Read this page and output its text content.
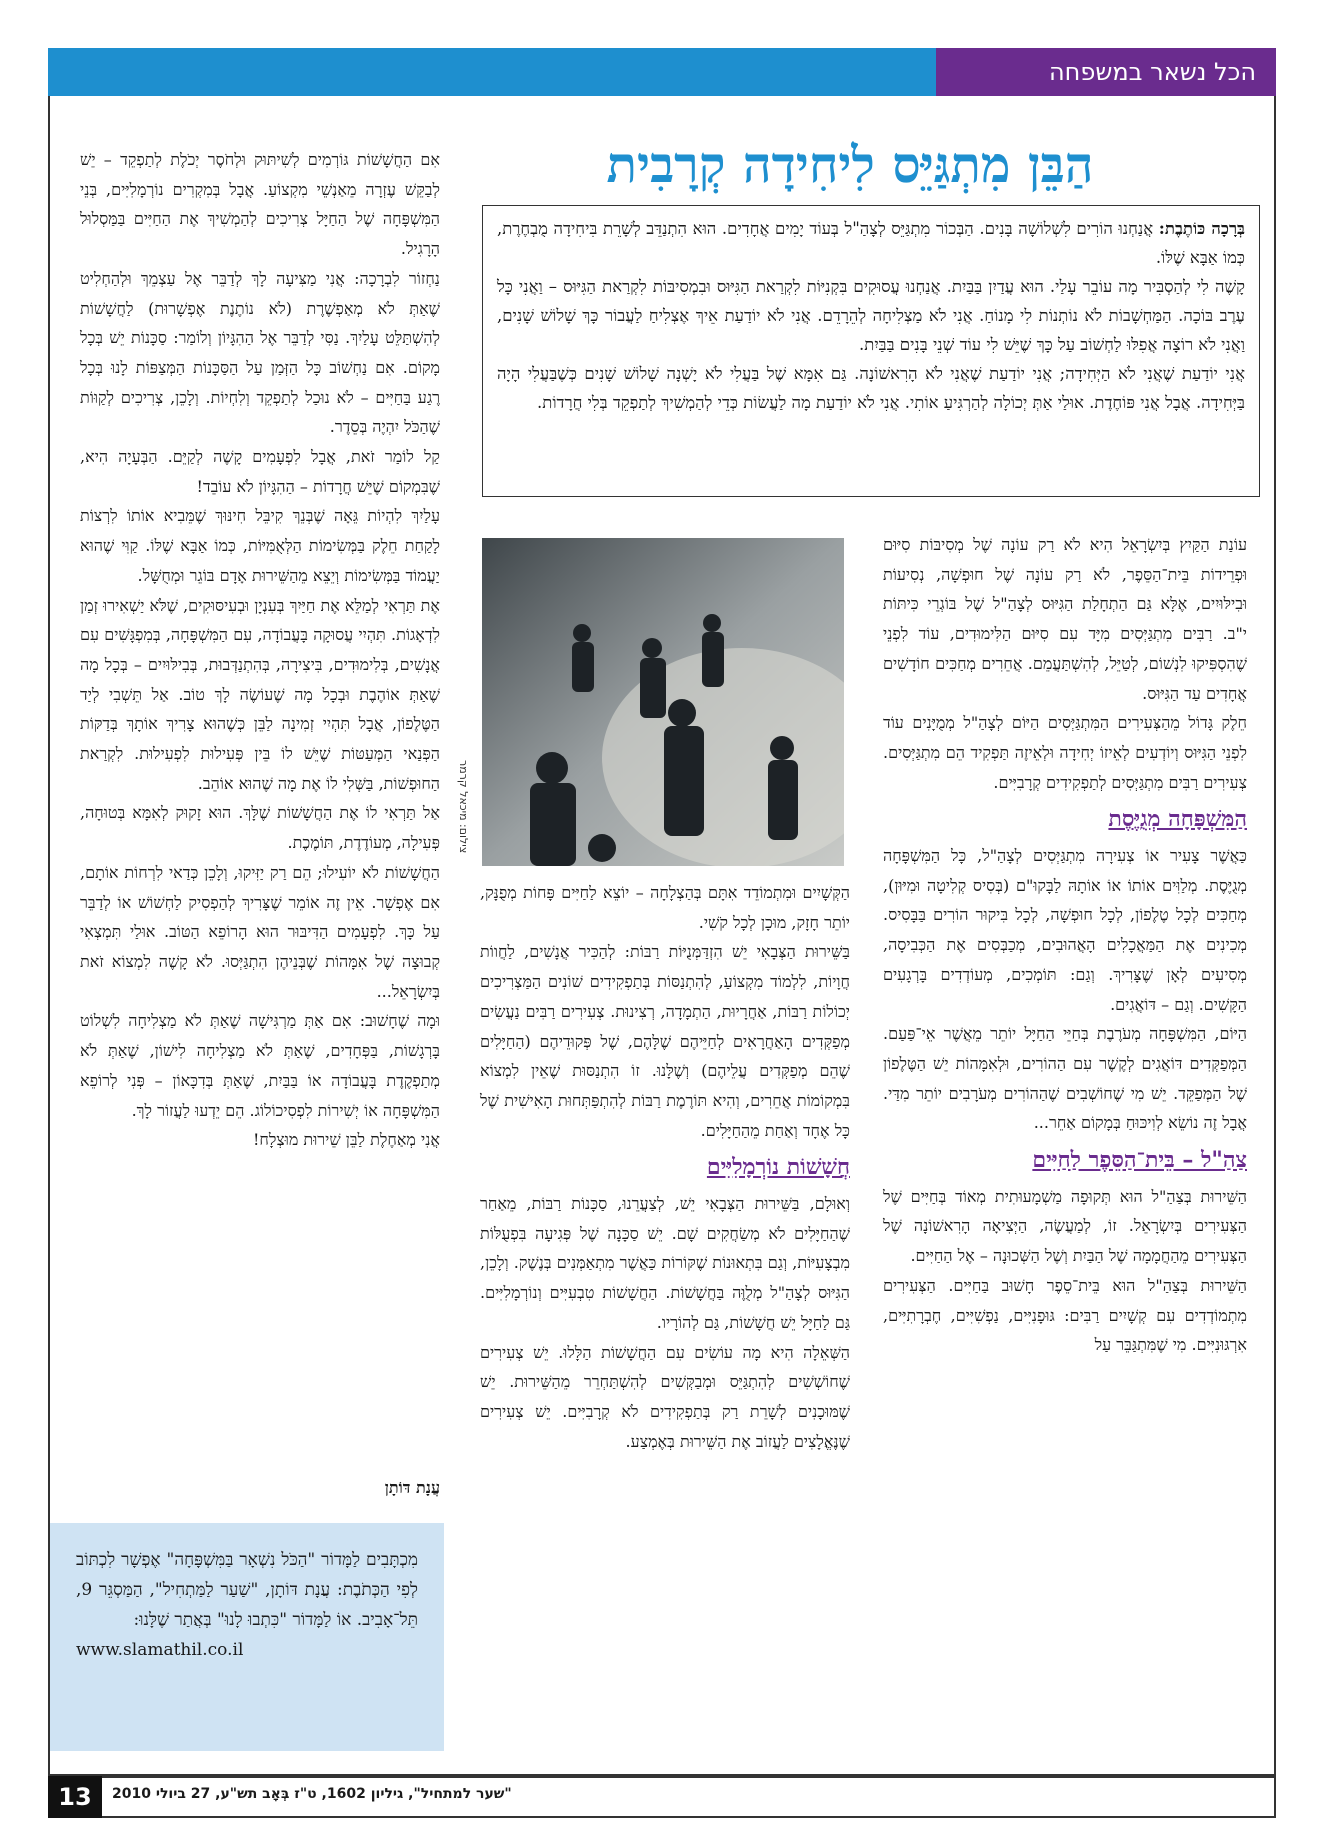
הכל נשאר במשפחה
הַבֵּן מִתְגַּיֵּס לִיחִידָה קְרָבִית

בְּרָכָה כּוֹתֶבֶת: אֲנַחְנוּ הוֹרִים לִשְׁלוֹשָׁה בָּנִים. הַבְּכוֹר מִתְגַּיֵּס לְצָהַ"ל בְּעוֹד יָמִים אֲחָדִים. הוּא הִתְנַדֵּב לְשָׁרֵת בִּיחִידָה מֻבְחֶרֶת, כְּמוֹ אַבָּא שֶׁלּוֹ.

קָשֶׁה לִי לְהַסְבִּיר מָה עוֹבֵר עָלַי. הוּא עֲדַיִן בַּבַּיִת. אֲנַחְנוּ עֲסוּקִים בִּקְנִיּוֹת לִקְרַאת הַגִּיּוּס וּבִמְסִיבּוֹת לִקְרַאת הַגִּיּוּס – וַאֲנִי כָּל עֶרֶב בּוֹכָה. הַמַּחְשָׁבוֹת לֹא נוֹתְנוֹת לִי מָנוֹחַ. אֲנִי לֹא מַצְלִיחָה לְהֵרָדֵם. אֲנִי לֹא יוֹדַעַת אֵיךְ אֶצְלִיחַ לַעֲבוֹר כָּךְ שָׁלוֹשׁ שָׁנִים, וַאֲנִי לֹא רוֹצָה אֲפִלּוּ לַחְשׁוֹב עַל כָּךְ שֶׁיֵּשׁ לִי עוֹד שְׁנֵי בָּנִים בַּבַּיִת.

אֲנִי יוֹדַעַת שֶׁאֲנִי לֹא הַיְּחִידָה; אֲנִי יוֹדַעַת שֶׁאֲנִי לֹא הָרִאשׁוֹנָה. גַּם אִמָּא שֶׁל בַּעֲלִי לֹא יָשְׁנָה שָׁלוֹשׁ שָׁנִים כְּשֶׁבַּעֲלִי הָיָה בַּיְּחִידָה. אֲבָל אֲנִי פּוֹחֶדֶת. אוּלַי אַתְּ יְכוֹלָה לְהַרְגִּיעַ אוֹתִי. אֲנִי לֹא יוֹדַעַת מָה לַעֲשׂוֹת כְּדֵי לְהַמְשִׁיךְ לְתַפְקֵד בְּלִי חֲרָדוֹת.

עוֹנַת הַקַּיִץ בְּיִשְׂרָאֵל הִיא לֹא רַק עוֹנָה שֶׁל מְסִיבּוֹת סִיּוּם וּפְרֵידוֹת בֵּית־הַסֵּפֶר, לֹא רַק עוֹנָה שֶׁל חוּפְשָׁה, נְסִיעוֹת וּבִילּוּיִים, אֶלָּא גַּם הַתְחָלַת הַגִּיּוּס לְצָהַ"ל שֶׁל בּוֹגְרֵי כִּיתּוֹת י"ב. רַבִּים מִתְגַּיְּסִים מִיָּד עִם סִיּוּם הַלִּימוּדִים, עוֹד לִפְנֵי שֶׁהִסְפִּיקוּ לִנְשׁוֹם, לְטַיֵּל, לְהִשְׁתַּעֲמֵם. אֲחֵרִים מְחַכִּים חוֹדָשִׁים אֲחָדִים עַד הַגִּיּוּס.

חֵלֶק גָּדוֹל מֵהַצְּעִירִים הַמִּתְגַּיְּסִים הַיּוֹם לְצָהַ"ל מְמֻיָּנִים עוֹד לִפְנֵי הַגִּיּוּס וְיוֹדְעִים לְאֵיזוֹ יְחִידָה וּלְאֵיזֶה תַּפְקִיד הֵם מִתְגַּיְּסִים. צְעִירִים רַבִּים מִתְגַּיְּסִים לְתַפְקִידִים קְרָבִיִּים.

הַמִּשְׁפָּחָה מְגֻיֶּסֶת

כַּאֲשֶׁר צָעִיר אוֹ צְעִירָה מִתְגַּיְּסִים לְצָהַ"ל, כָּל הַמִּשְׁפָּחָה מְגֻיֶּסֶת. מְלַוִּים אוֹתוֹ אוֹ אוֹתָהּ לַבָּקוּ"ם (בְּסִיס קְלִיטָה וּמִיּוּן), מְחַכִּים לְכָל טֶלֶפוֹן, לְכָל חוּפְשָׁה, לְכָל בִּיקוּר הוֹרִים בַּבָּסִיס. מְכִינִים אֶת הַמַּאֲכָלִים הָאֲהוּבִים, מְכַבְּסִים אֶת הַכְּבִיסָה, מְסִיעִים לְאָן שֶׁצָּרִיךְ. וְגַם: תּוֹמְכִים, מְעוֹדְדִים בָּרְגָעִים הַקָּשִׁים. וְגַם – דּוֹאֲגִים.

הַיּוֹם, הַמִּשְׁפָּחָה מְעֹרֶבֶת בְּחַיֵּי הַחַיָּל יוֹתֵר מֵאֲשֶׁר אֵי־פַּעַם. הַמְּפַקְּדִים דּוֹאֲגִים לְקֶשֶׁר עִם הַהוֹרִים, וּלְאִמָּהוֹת יֵשׁ הַטֶּלֶפוֹן שֶׁל הַמְּפַקֵּד. יֵשׁ מִי שֶׁחוֹשְׁבִים שֶׁהַהוֹרִים מְעֹרָבִים יוֹתֵר מִדַּי. אֲבָל זֶה נוֹשֵׂא לְוִיכּוּחַ בְּמָקוֹם אַחֵר...

צַהַ"ל – בֵּית־הַסֵּפֶר לַחַיִּים

הַשֵּׁירוּת בְּצַהַ"ל הוּא תְּקוּפָה מַשְׁמָעוּתִית מְאוֹד בְּחַיִּים שֶׁל הַצְּעִירִים בְּיִשְׂרָאֵל. זוֹ, לְמַעֲשֶׂה, הַיְּצִיאָה הָרִאשׁוֹנָה שֶׁל הַצְּעִירִים מֵהַחֲמָמָה שֶׁל הַבַּיִת וְשֶׁל הַשְּׁכוּנָה – אֶל הַחַיִּים.

הַשֵּׁירוּת בְּצַהַ"ל הוּא בֵּית־סֵפֶר חָשׁוּב בַּחַיִּים. הַצְּעִירִים מִתְמוֹדְדִים עִם קְשָׁיִים רַבִּים: גּוּפָנִיִּים, נַפְשִׁיִּים, חֶבְרָתִיִּים, אִרְגּוּנִיִּים. מִי שֶׁמִּתְגַּבֵּר עַל

צילום: מיכאל קרמר

הַקְּשָׁיִים וּמִתְמוֹדֵד אִתָּם בְּהַצְלָחָה – יוֹצֵא לַחַיִּים פָּחוֹת מְפֻנָּק, יוֹתֵר חָזָק, מוּכָן לְכָל קֹשִׁי.

בַּשֵּׁירוּת הַצְּבָאִי יֵשׁ הִזְדַּמְּנֻיּוֹת רַבּוֹת: לְהַכִּיר אֲנָשִׁים, לַחֲווֹת חֲוָיוֹת, לִלְמוֹד מִקְצוֹעַ, לְהִתְנַסּוֹת בְּתַפְקִידִים שׁוֹנִים הַמַּצְרִיכִים יְכוֹלוֹת רַבּוֹת, אַחֲרָיוּת, הַתְמָדָה, רְצִינוּת. צְעִירִים רַבִּים נַעֲשִׂים מְפַקְּדִים הָאַחֲרָאִים לְחַיֵּיהֶם שֶׁלָּהֶם, שֶׁל פְּקוּדֵיהֶם (הַחַיָּלִים שֶׁהֵם מְפַקְּדִים עֲלֵיהֶם) וְשֶׁלָּנוּ. זוֹ הִתְנַסּוּת שֶׁאֵין לִמְצוֹא בִּמְקוֹמוֹת אֲחֵרִים, וְהִיא תּוֹרֶמֶת רַבּוֹת לְהִתְפַּתְּחוּת הָאִישִׁית שֶׁל כָּל אֶחָד וְאַחַת מֵהַחַיָּלִים.

חֲשָׁשׁוֹת נוֹרְמָלִיִּים

וְאוּלָם, בַּשֵּׁירוּת הַצְּבָאִי יֵשׁ, לְצַעֲרֵנוּ, סַכָּנוֹת רַבּוֹת, מֵאַחַר שֶׁהַחַיָּלִים לֹא מְשַׂחֲקִים שָׁם. יֵשׁ סַכָּנָה שֶׁל פְּגִיעָה בִּפְעֻלּוֹת מִבְצָעִיּוֹת, וְגַם בִּתְאוּנוֹת שֶׁקּוֹרוֹת כַּאֲשֶׁר מִתְאַמְּנִים בְּנֶשֶׁק. וְלָכֵן, הַגִּיּוּס לְצָהַ"ל מְלֻוֶּה בַּחֲשָׁשׁוֹת. הַחֲשָׁשׁוֹת טִבְעִיִּים וְנוֹרְמָלִיִּים. גַּם לַחַיָּל יֵשׁ חֲשָׁשׁוֹת, גַּם לְהוֹרָיו.

הַשְּׁאֵלָה הִיא מָה עוֹשִׂים עִם הַחֲשָׁשׁוֹת הַלָּלוּ. יֵשׁ צְעִירִים שֶׁחוֹשְׁשִׁים לְהִתְגַּיֵּס וּמְבַקְּשִׁים לְהִשְׁתַּחְרֵר מֵהַשֵּׁירוּת. יֵשׁ שֶׁמּוּכָנִים לְשָׁרֵת רַק בְּתַפְקִידִים לֹא קְרָבִיִּים. יֵשׁ צְעִירִים שֶׁנֶּאֱלָצִים לַעֲזוֹב אֶת הַשֵּׁירוּת בְּאֶמְצַע.

אִם הַחֲשָׁשׁוֹת גּוֹרְמִים לְשִׁיתּוּק וּלְחֹסֶר יְכֹלֶת לְתַפְקֵד – יֵשׁ לְבַקֵּשׁ עֶזְרָה מֵאַנְשֵׁי מִקְצוֹעַ. אֲבָל בְּמִקְרִים נוֹרְמָלִיִּים, בְּנֵי הַמִּשְׁפָּחָה שֶׁל הַחַיָּל צְרִיכִים לְהַמְשִׁיךְ אֶת הַחַיִּים בַּמַּסְלוּל הָרָגִיל.

נַחְזוֹר לִבְרָכָה: אֲנִי מַצִּיעָה לָךְ לְדַבֵּר אֶל עַצְמֵךְ וּלְהַחְלִיט שֶׁאַתְּ לֹא מְאַפְשֶׁרֶת (לֹא נוֹתֶנֶת אֶפְשָׁרוּת) לַחֲשָׁשׁוֹת לְהִשְׁתַּלֵּט עָלַיִךְ. נַסִּי לְדַבֵּר אֶל הַהִגָּיוֹן וְלוֹמַר: סַכָּנוֹת יֵשׁ בְּכָל מָקוֹם. אִם נַחְשׁוֹב כָּל הַזְּמַן עַל הַסַּכָּנוֹת הַמְּצַפּוֹת לָנוּ בְּכָל רֶגַע בַּחַיִּים – לֹא נוּכַל לְתַפְקֵד וְלִחְיוֹת. וְלָכֵן, צְרִיכִים לְקַוּוֹת שֶׁהַכֹּל יִהְיֶה בְּסֵדֶר.

קַל לוֹמַר זֹאת, אֲבָל לִפְעָמִים קָשֶׁה לְקַיֵּם. הַבְּעָיָה הִיא, שֶׁבִּמְקוֹם שֶׁיֵּשׁ חֲרָדוֹת – הַהִגָּיוֹן לֹא עוֹבֵד!

עָלַיִךְ לִהְיוֹת גֵּאָה שֶׁבְּנֵךְ קִיבֵּל חִינּוּךְ שֶׁמֵּבִיא אוֹתוֹ לִרְצוֹת לָקַחַת חֵלֶק בַּמְּשִׂימוֹת הַלְּאֻמִּיּוֹת, כְּמוֹ אַבָּא שֶׁלּוֹ. קַוִּי שֶׁהוּא יַעֲמוֹד בַּמְּשִׂימוֹת וְיֵצֵא מֵהַשֵּׁירוּת אָדָם בּוֹגֵר וּמְחֻשָּׁל.

אֶת תַּרְאִי לְמַלֵּא אֶת חַיַּיִךְ בְּעִנְיָן וּבְעִיסּוּקִים, שֶׁלֹּא יַשְׁאִירוּ זְמַן לִדְאָגוֹת. תִּהְיִי עֲסוּקָה בָּעֲבוֹדָה, עִם הַמִּשְׁפָּחָה, בְּמִפְגָּשִׁים עִם אֲנָשִׁים, בְּלִימוּדִים, בִּיצִירָה, בְּהִתְנַדְּבוּת, בְּבִילּוּיִים – בְּכָל מָה שֶׁאַתְּ אוֹהֶבֶת וּבְכָל מָה שֶׁעוֹשֶׂה לָךְ טוֹב. אַל תֵּשְׁבִי לְיַד הַטֶּלֶפוֹן, אֲבָל תִּהְיִי זְמִינָה לַבֵּן כְּשֶׁהוּא צָרִיךְ אוֹתָךְ בְּדַקּוֹת הַפְּנַאי הַמְּעַטּוֹת שֶׁיֵּשׁ לוֹ בֵּין פְּעִילוּת לִפְעִילוּת. לִקְרַאת הַחוּפְשׁוֹת, בַּשְּׁלִי לוֹ אֶת מָה שֶׁהוּא אוֹהֵב.

אַל תַּרְאִי לוֹ אֶת הַחֲשָׁשׁוֹת שֶׁלָּךְ. הוּא זָקוּק לְאִמָּא בְּטוּחָה, פְּעִילָה, מְעוֹדֶדֶת, תּוֹמֶכֶת.

הַחֲשָׁשׁוֹת לֹא יוֹעִילוּ; הֵם רַק יַזִּיקוּ, וְלָכֵן כְּדַאי לִרְחוֹת אוֹתָם, אִם אֶפְשָׁר. אֵין זֶה אוֹמֵר שֶׁצָּרִיךְ לְהַפְסִיק לַחְשׁוֹשׁ אוֹ לְדַבֵּר עַל כָּךְ. לִפְעָמִים הַדִּיבּוּר הוּא הָרוֹפֵא הַטּוֹב. אוּלַי תִּמְצְאִי קְבוּצָה שֶׁל אִמָּהוֹת שֶׁבְּנֵיהֶן הִתְגַּיְּסוּ. לֹא קָשֶׁה לִמְצוֹא זֹאת בְּיִשְׂרָאֵל...

וּמָה שֶׁחָשׁוּב: אִם אַתְּ מַרְגִּישָׁה שֶׁאַתְּ לֹא מַצְלִיחָה לִשְׁלוֹט בָּרְגָשׁוֹת, בַּפְּחָדִים, שֶׁאַתְּ לֹא מַצְלִיחָה לִישׁוֹן, שֶׁאַתְּ לֹא מְתַפְקֶדֶת בָּעֲבוֹדָה אוֹ בַּבַּיִת, שֶׁאַתְּ בְּדִכָּאוֹן – פְּנִי לְרוֹפֵא הַמִּשְׁפָּחָה אוֹ יְשִׁירוֹת לִפְסִיכוֹלוֹג. הֵם יֵדְעוּ לַעֲזוֹר לָךְ.

אֲנִי מְאַחֶלֶת לַבֵּן שֵׁירוּת מוּצְלָח!

עֲנָת דּוֹתָן

מִכְתָּבִים לַמָּדוֹר "הַכֹּל נִשְׁאָר בַּמִּשְׁפָּחָה" אֶפְשָׁר לִכְתּוֹב לְפִי הַכְּתֹבֶת: עֲנָת דּוֹתָן, "שַׁעַר לַמַּתְחִיל", הַמַּסְגֵּר 9, תֵּל־אָבִיב. אוֹ לַמָּדוֹר "כִּתְבוּ לָנוּ" בְּאֲתַר שֶׁלָּנוּ:

www.slamathil.co.il

13	"שער למתחיל", גיליון 1602, ט"ז בְּאָב תש"ע, 27 ביולי 2010
